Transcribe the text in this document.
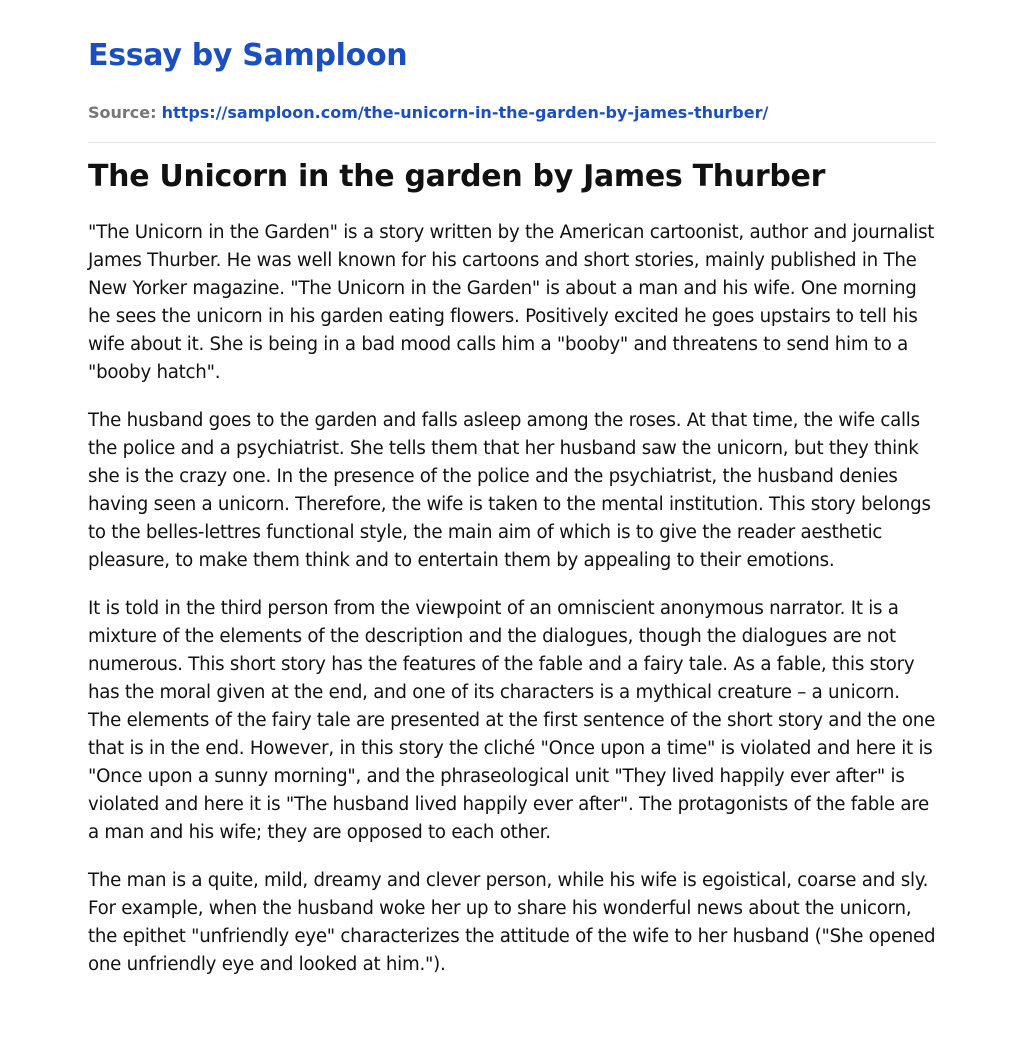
Essay by Samploon
Source: https://samploon.com/the-unicorn-in-the-garden-by-james-thurber/
The Unicorn in the garden by James Thurber

"The Unicorn in the Garden" is a story written by the American cartoonist, author and journalist James Thurber. He was well known for his cartoons and short stories, mainly published in The New Yorker magazine. "The Unicorn in the Garden" is about a man and his wife. One morning he sees the unicorn in his garden eating flowers. Positively excited he goes upstairs to tell his wife about it. She is being in a bad mood calls him a "booby" and threatens to send him to a "booby hatch".

The husband goes to the garden and falls asleep among the roses. At that time, the wife calls the police and a psychiatrist. She tells them that her husband saw the unicorn, but they think she is the crazy one. In the presence of the police and the psychiatrist, the husband denies having seen a unicorn. Therefore, the wife is taken to the mental institution. This story belongs to the belles-lettres functional style, the main aim of which is to give the reader aesthetic pleasure, to make them think and to entertain them by appealing to their emotions.

It is told in the third person from the viewpoint of an omniscient anonymous narrator. It is a mixture of the elements of the description and the dialogues, though the dialogues are not numerous. This short story has the features of the fable and a fairy tale. As a fable, this story has the moral given at the end, and one of its characters is a mythical creature – a unicorn. The elements of the fairy tale are presented at the first sentence of the short story and the one that is in the end. However, in this story the cliché "Once upon a time" is violated and here it is "Once upon a sunny morning", and the phraseological unit "They lived happily ever after" is violated and here it is "The husband lived happily ever after". The protagonists of the fable are a man and his wife; they are opposed to each other.

The man is a quite, mild, dreamy and clever person, while his wife is egoistical, coarse and sly. For example, when the husband woke her up to share his wonderful news about the unicorn, the epithet "unfriendly eye" characterizes the attitude of the wife to her husband ("She opened one unfriendly eye and looked at him.").
